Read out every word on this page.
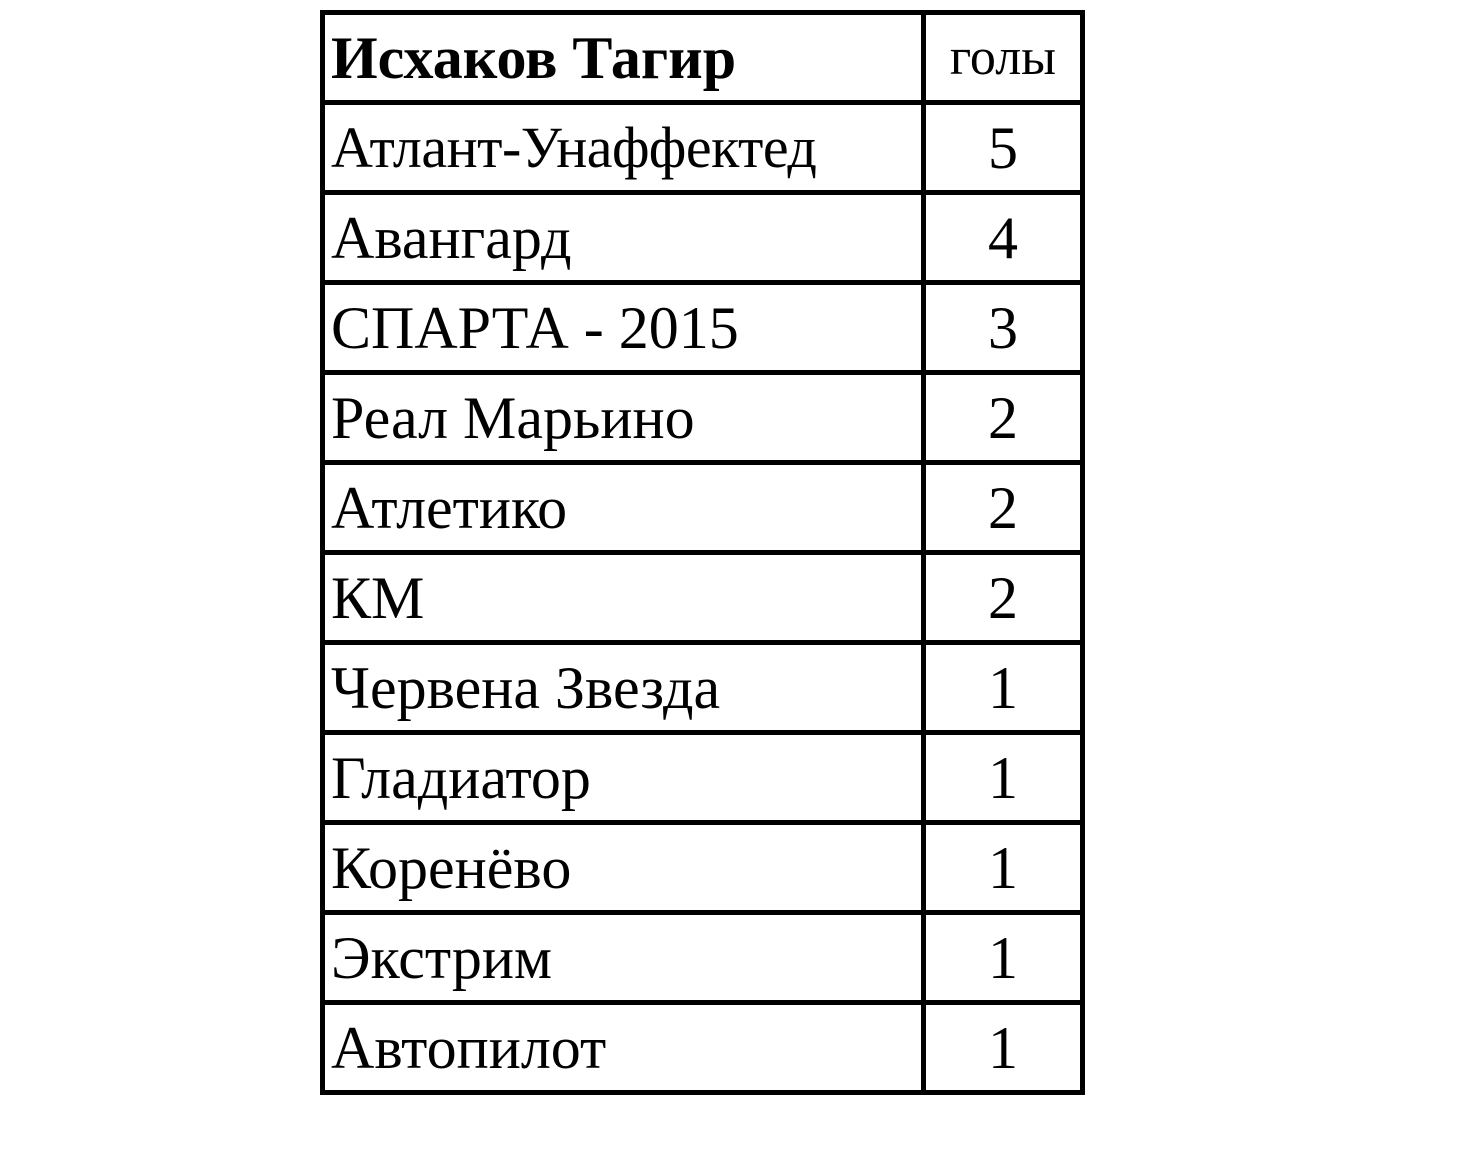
Исхаков Тагир	голы
Атлант-Унаффектед	5
Авангард	4
СПАРТА - 2015	3
Реал Марьино	2
Атлетико	2
КМ	2
Червена Звезда	1
Гладиатор	1
Коренёво	1
Экстрим	1
Автопилот	1
